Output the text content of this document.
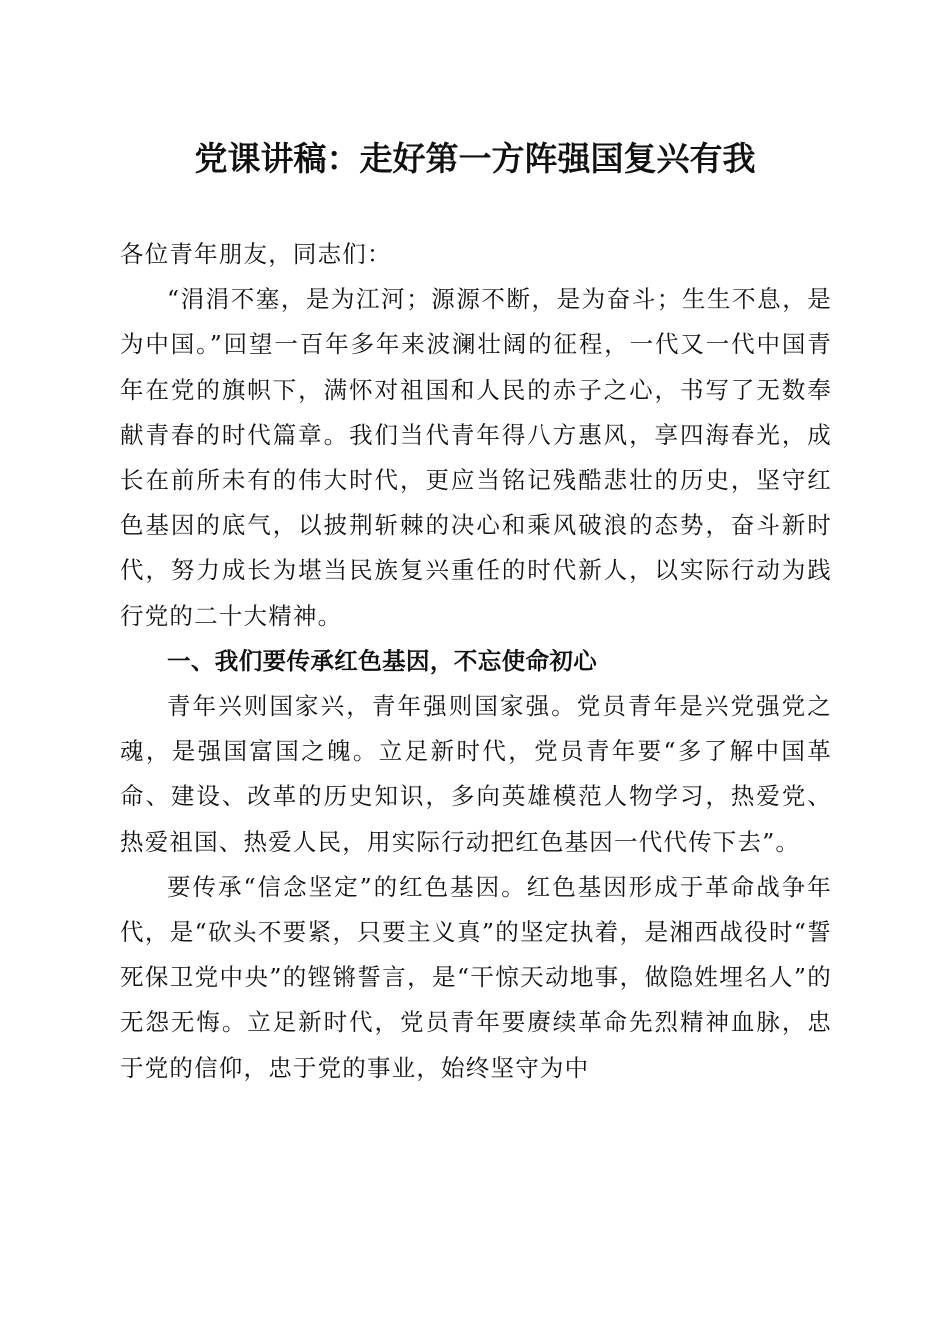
党课讲稿：走好第一方阵强国复兴有我

各位青年朋友，同志们：

“涓涓不塞，是为江河；源源不断，是为奋斗；生生不息，是为中国。”回望一百年多年来波澜壮阔的征程，一代又一代中国青年在党的旗帜下，满怀对祖国和人民的赤子之心，书写了无数奉献青春的时代篇章。我们当代青年得八方惠风，享四海春光，成长在前所未有的伟大时代，更应当铭记残酷悲壮的历史，坚守红色基因的底气，以披荆斩棘的决心和乘风破浪的态势，奋斗新时代，努力成长为堪当民族复兴重任的时代新人，以实际行动为践行党的二十大精神。

一、我们要传承红色基因，不忘使命初心

青年兴则国家兴，青年强则国家强。党员青年是兴党强党之魂，是强国富国之魄。立足新时代，党员青年要“多了解中国革命、建设、改革的历史知识，多向英雄模范人物学习，热爱党、热爱祖国、热爱人民，用实际行动把红色基因一代代传下去”。

要传承“信念坚定”的红色基因。红色基因形成于革命战争年代，是“砍头不要紧，只要主义真”的坚定执着，是湘西战役时“誓死保卫党中央”的铿锵誓言，是“干惊天动地事，做隐姓埋名人”的无怨无悔。立足新时代，党员青年要赓续革命先烈精神血脉，忠于党的信仰，忠于党的事业，始终坚守为中
